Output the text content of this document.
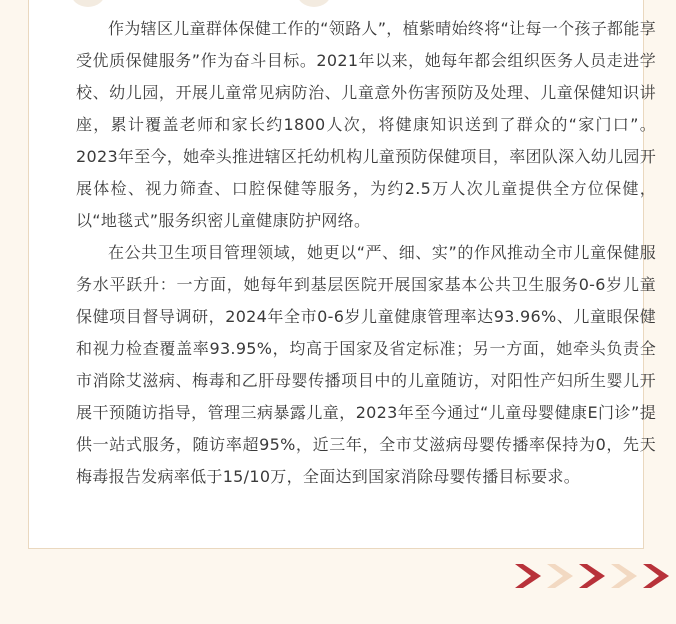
作为辖区儿童群体保健工作的“领路人”，植紫晴始终将“让每一个孩子都能享受优质保健服务”作为奋斗目标。2021年以来，她每年都会组织医务人员走进学校、幼儿园，开展儿童常见病防治、儿童意外伤害预防及处理、儿童保健知识讲座，累计覆盖老师和家长约1800人次，将健康知识送到了群众的“家门口”。2023年至今，她牵头推进辖区托幼机构儿童预防保健项目，率团队深入幼儿园开展体检、视力筛查、口腔保健等服务，为约2.5万人次儿童提供全方位保健，以“地毯式”服务织密儿童健康防护网络。

在公共卫生项目管理领域，她更以“严、细、实”的作风推动全市儿童保健服务水平跃升：一方面，她每年到基层医院开展国家基本公共卫生服务0-6岁儿童保健项目督导调研，2024年全市0-6岁儿童健康管理率达93.96%、儿童眼保健和视力检查覆盖率93.95%，均高于国家及省定标准；另一方面，她牵头负责全市消除艾滋病、梅毒和乙肝母婴传播项目中的儿童随访，对阳性产妇所生婴儿开展干预随访指导，管理三病暴露儿童，2023年至今通过“儿童母婴健康E门诊”提供一站式服务，随访率超95%，近三年，全市艾滋病母婴传播率保持为0，先天梅毒报告发病率低于15/10万，全面达到国家消除母婴传播目标要求。
